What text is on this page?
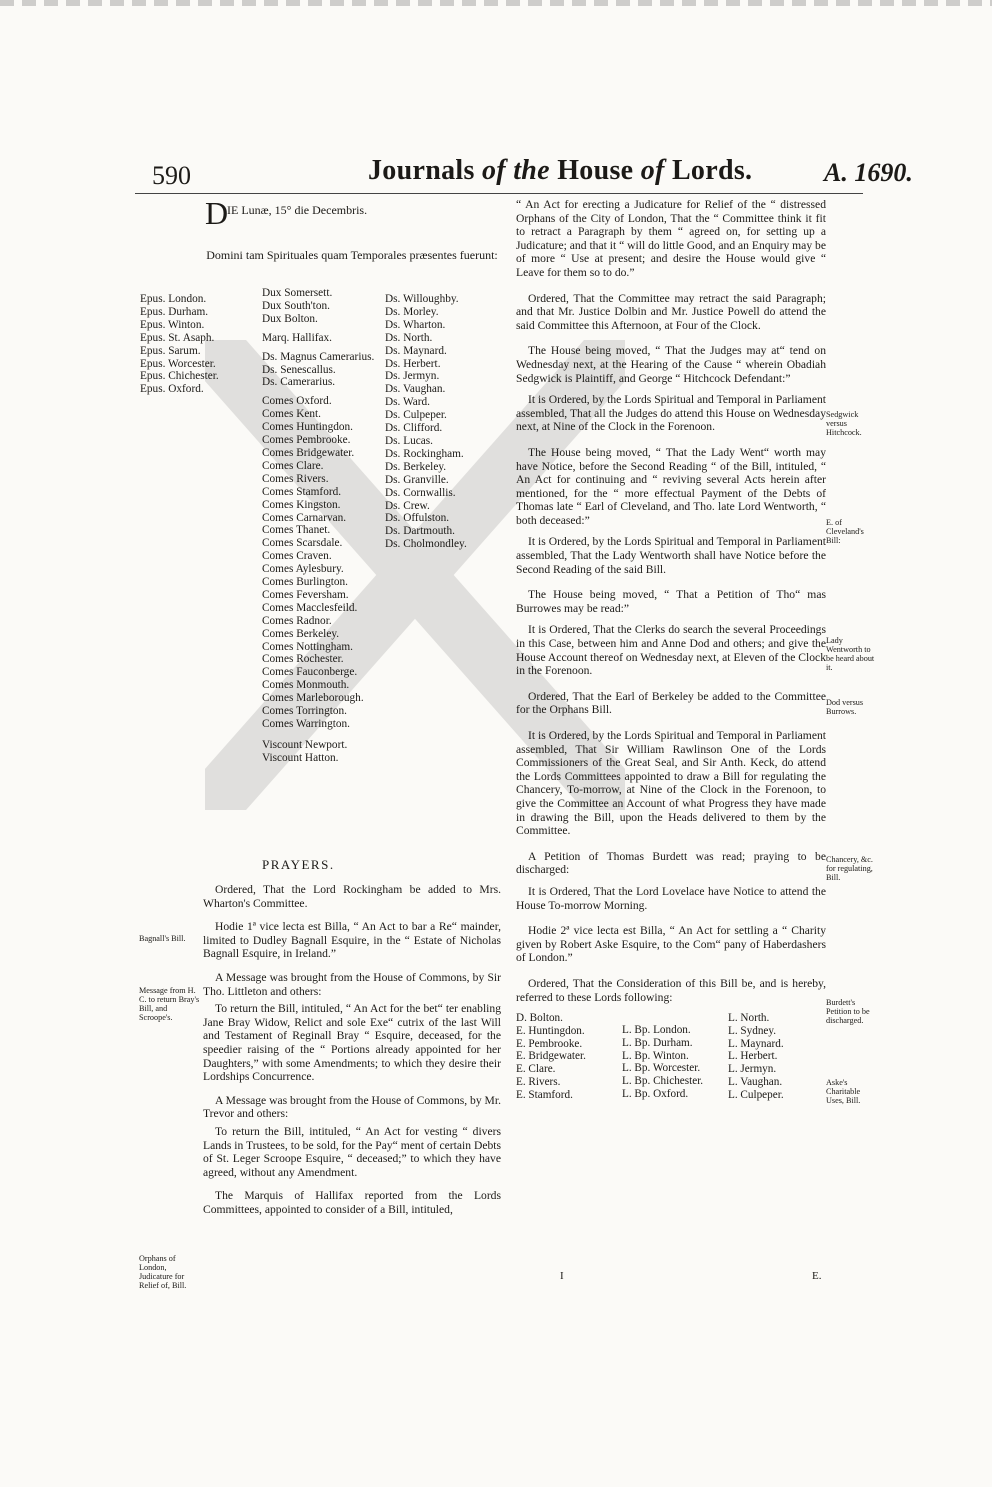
590	Journals of the House of Lords.	A. 1690.
D
IE Lunæ, 15° die Decembris.
Domini tam Spirituales quam Temporales præsentes fuerunt:
Epus. London.
Epus. Durham.
Epus. Winton.
Epus. St. Asaph.
Epus. Sarum.
Epus. Worcester.
Epus. Chichester.
Epus. Oxford.
Dux Somersett.
Dux South'ton.
Dux Bolton.
Marq. Hallifax.
Ds. Magnus Camerarius.
Ds. Senescallus.
Ds. Camerarius.
Comes Oxford.
Comes Kent.
Comes Huntingdon.
Comes Pembrooke.
Comes Bridgewater.
Comes Clare.
Comes Rivers.
Comes Stamford.
Comes Kingston.
Comes Carnarvan.
Comes Thanet.
Comes Scarsdale.
Comes Craven.
Comes Aylesbury.
Comes Burlington.
Comes Feversham.
Comes Macclesfeild.
Comes Radnor.
Comes Berkeley.
Comes Nottingham.
Comes Rochester.
Comes Fauconberge.
Comes Monmouth.
Comes Marleborough.
Comes Torrington.
Comes Warrington.
Viscount Newport.
Viscount Hatton.
Ds. Willoughby.
Ds. Morley.
Ds. Wharton.
Ds. North.
Ds. Maynard.
Ds. Herbert.
Ds. Jermyn.
Ds. Vaughan.
Ds. Ward.
Ds. Culpeper.
Ds. Clifford.
Ds. Lucas.
Ds. Rockingham.
Ds. Berkeley.
Ds. Granville.
Ds. Cornwallis.
Ds. Crew.
Ds. Offulston.
Ds. Dartmouth.
Ds. Cholmondley.
PRAYERS.

Ordered, That the Lord Rockingham be added to Mrs. Wharton's Committee.

Hodie 1ª vice lecta est Billa, “ An Act to bar a Re“ mainder, limited to Dudley Bagnall Esquire, in the “ Estate of Nicholas Bagnall Esquire, in Ireland.”

A Message was brought from the House of Commons, by Sir Tho. Littleton and others:

To return the Bill, intituled, “ An Act for the bet“ ter enabling Jane Bray Widow, Relict and sole Exe“ cutrix of the last Will and Testament of Reginall Bray “ Esquire, deceased, for the speedier raising of the “ Portions already appointed for her Daughters,” with some Amendments; to which they desire their Lordships Concurrence.

A Message was brought from the House of Commons, by Mr. Trevor and others:

To return the Bill, intituled, “ An Act for vesting “ divers Lands in Trustees, to be sold, for the Pay“ ment of certain Debts of St. Leger Scroope Esquire, “ deceased;” to which they have agreed, without any Amendment.

The Marquis of Hallifax reported from the Lords Committees, appointed to consider of a Bill, intituled,

Bagnall's Bill.
Message from H. C. to return Bray's Bill, and Scroope's.
Orphans of London, Judicature for Relief of, Bill.

“ An Act for erecting a Judicature for Relief of the “ distressed Orphans of the City of London, That the “ Committee think it fit to retract a Paragraph by them “ agreed on, for setting up a Judicature; and that it “ will do little Good, and an Enquiry may be of more “ Use at present; and desire the House would give “ Leave for them so to do.”

Ordered, That the Committee may retract the said Paragraph; and that Mr. Justice Dolbin and Mr. Justice Powell do attend the said Committee this Afternoon, at Four of the Clock.

The House being moved, “ That the Judges may at“ tend on Wednesday next, at the Hearing of the Cause “ wherein Obadiah Sedgwick is Plaintiff, and George “ Hitchcock Defendant:”

It is Ordered, by the Lords Spiritual and Temporal in Parliament assembled, That all the Judges do attend this House on Wednesday next, at Nine of the Clock in the Forenoon.

The House being moved, “ That the Lady Went“ worth may have Notice, before the Second Reading “ of the Bill, intituled, “ An Act for continuing and “ reviving several Acts herein after mentioned, for the “ more effectual Payment of the Debts of Thomas late “ Earl of Cleveland, and Tho. late Lord Wentworth, “ both deceased:”

It is Ordered, by the Lords Spiritual and Temporal in Parliament assembled, That the Lady Wentworth shall have Notice before the Second Reading of the said Bill.

The House being moved, “ That a Petition of Tho“ mas Burrowes may be read:”

It is Ordered, That the Clerks do search the several Proceedings in this Case, between him and Anne Dod and others; and give the House Account thereof on Wednesday next, at Eleven of the Clock in the Forenoon.

Ordered, That the Earl of Berkeley be added to the Committee for the Orphans Bill.

It is Ordered, by the Lords Spiritual and Temporal in Parliament assembled, That Sir William Rawlinson One of the Lords Commissioners of the Great Seal, and Sir Anth. Keck, do attend the Lords Committees appointed to draw a Bill for regulating the Chancery, To-morrow, at Nine of the Clock in the Forenoon, to give the Committee an Account of what Progress they have made in drawing the Bill, upon the Heads delivered to them by the Committee.

A Petition of Thomas Burdett was read; praying to be discharged:

It is Ordered, That the Lord Lovelace have Notice to attend the House To-morrow Morning.

Hodie 2ª vice lecta est Billa, “ An Act for settling a “ Charity given by Robert Aske Esquire, to the Com“ pany of Haberdashers of London.”

Ordered, That the Consideration of this Bill be, and is hereby, referred to these Lords following:

D. Bolton.
E. Huntingdon.
E. Pembrooke.
E. Bridgewater.
E. Clare.
E. Rivers.
E. Stamford.
L. Bp. London.
L. Bp. Durham.
L. Bp. Winton.
L. Bp. Worcester.
L. Bp. Chichester.
L. Bp. Oxford.
L. North.
L. Sydney.
L. Maynard.
L. Herbert.
L. Jermyn.
L. Vaughan.
L. Culpeper.
Sedgwick versus Hitchcock.
E. of Cleveland's Bill:
Lady Wentworth to be heard about it.
Dod versus Burrows.
Chancery, &c. for regulating, Bill.
Burdett's Petition to be discharged.
Aske's Charitable Uses, Bill.
I	E.
